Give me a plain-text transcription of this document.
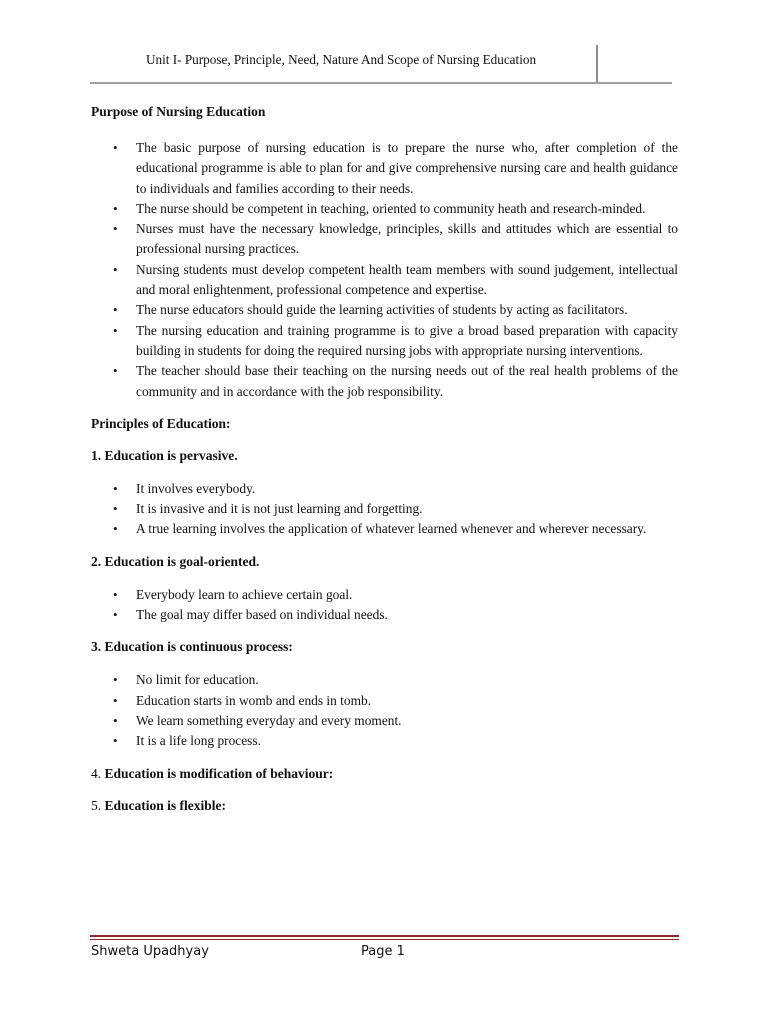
Unit I- Purpose, Principle, Need, Nature And Scope of Nursing Education

Purpose of Nursing Education

• The basic purpose of nursing education is to prepare the nurse who, after completion of the educational programme is able to plan for and give comprehensive nursing care and health guidance to individuals and families according to their needs.
• The nurse should be competent in teaching, oriented to community heath and research-minded.
• Nurses must have the necessary knowledge, principles, skills and attitudes which are essential to professional nursing practices.
• Nursing students must develop competent health team members with sound judgement, intellectual and moral enlightenment, professional competence and expertise.
• The nurse educators should guide the learning activities of students by acting as facilitators.
• The nursing education and training programme is to give a broad based preparation with capacity building in students for doing the required nursing jobs with appropriate nursing interventions.
• The teacher should base their teaching on the nursing needs out of the real health problems of the community and in accordance with the job responsibility.

Principles of Education:

1. Education is pervasive.

• It involves everybody.
• It is invasive and it is not just learning and forgetting.
• A true learning involves the application of whatever learned whenever and wherever necessary.

2. Education is goal-oriented.

• Everybody learn to achieve certain goal.
• The goal may differ based on individual needs.

3. Education is continuous process:

• No limit for education.
• Education starts in womb and ends in tomb.
• We learn something everyday and every moment.
• It is a life long process.

4. Education is modification of behaviour:

5. Education is flexible:

Shweta Upadhyay	Page 1
